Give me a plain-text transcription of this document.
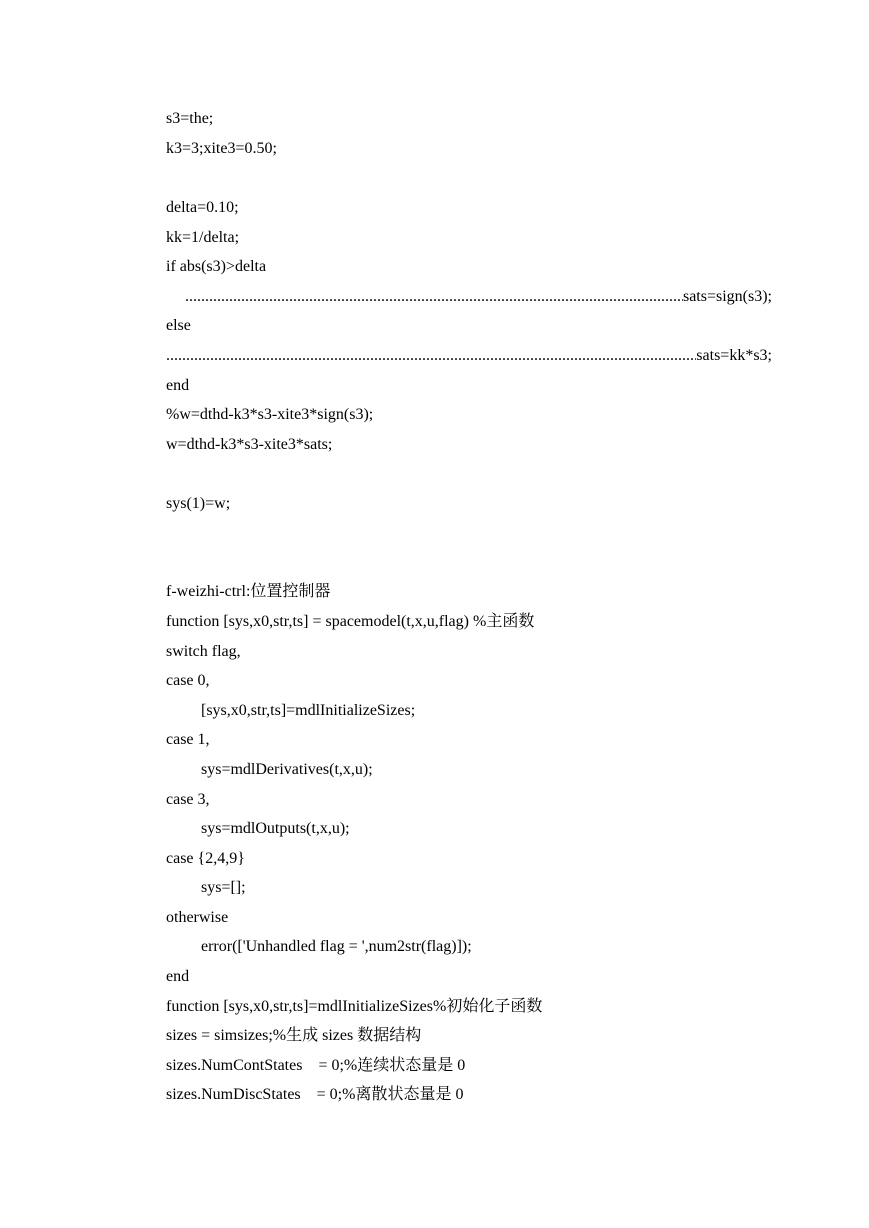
s3=the;
k3=3;xite3=0.50;
delta=0.10;
kk=1/delta;
if abs(s3)>delta
.....
sats=sign(s3);
else
.....
sats=kk*s3;
end
%w=dthd-k3*s3-xite3*sign(s3);
w=dthd-k3*s3-xite3*sats;
sys(1)=w;
f-weizhi-ctrl:位置控制器
function [sys,x0,str,ts] = spacemodel(t,x,u,flag) %主函数
switch flag,
case 0,
[sys,x0,str,ts]=mdlInitializeSizes;
case 1,
sys=mdlDerivatives(t,x,u);
case 3,
sys=mdlOutputs(t,x,u);
case {2,4,9}
sys=[];
otherwise
error(['Unhandled flag = ',num2str(flag)]);
end
function [sys,x0,str,ts]=mdlInitializeSizes%初始化子函数
sizes = simsizes;%生成 sizes 数据结构
sizes.NumContStates    = 0;%连续状态量是 0
sizes.NumDiscStates    = 0;%离散状态量是 0
